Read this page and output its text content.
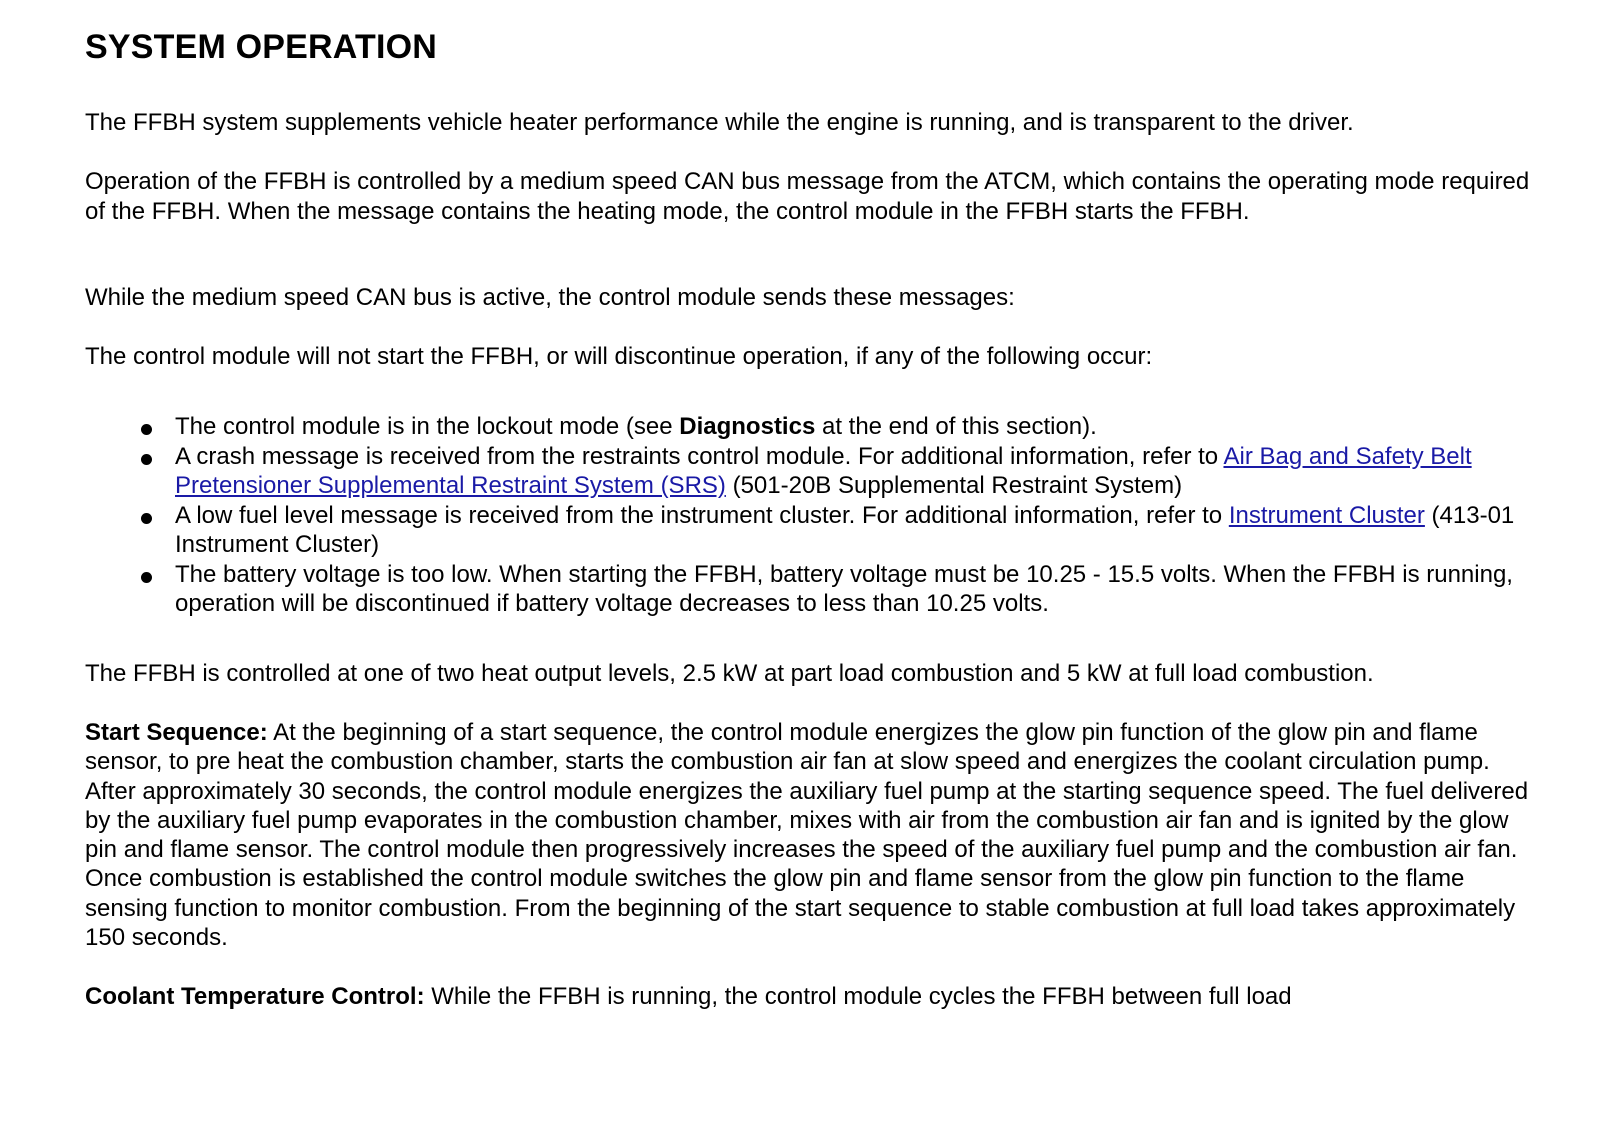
SYSTEM OPERATION

The FFBH system supplements vehicle heater performance while the engine is running, and is transparent to the driver.

Operation of the FFBH is controlled by a medium speed CAN bus message from the ATCM, which contains the operating mode required of the FFBH. When the message contains the heating mode, the control module in the FFBH starts the FFBH.

While the medium speed CAN bus is active, the control module sends these messages:

The control module will not start the FFBH, or will discontinue operation, if any of the following occur:

The control module is in the lockout mode (see Diagnostics at the end of this section).
A crash message is received from the restraints control module. For additional information, refer to Air Bag and Safety Belt Pretensioner Supplemental Restraint System (SRS) (501-20B Supplemental Restraint System)
A low fuel level message is received from the instrument cluster. For additional information, refer to Instrument Cluster (413-01 Instrument Cluster)
The battery voltage is too low. When starting the FFBH, battery voltage must be 10.25 - 15.5 volts. When the FFBH is running, operation will be discontinued if battery voltage decreases to less than 10.25 volts.

The FFBH is controlled at one of two heat output levels, 2.5 kW at part load combustion and 5 kW at full load combustion.

Start Sequence: At the beginning of a start sequence, the control module energizes the glow pin function of the glow pin and flame sensor, to pre heat the combustion chamber, starts the combustion air fan at slow speed and energizes the coolant circulation pump. After approximately 30 seconds, the control module energizes the auxiliary fuel pump at the starting sequence speed. The fuel delivered by the auxiliary fuel pump evaporates in the combustion chamber, mixes with air from the combustion air fan and is ignited by the glow pin and flame sensor. The control module then progressively increases the speed of the auxiliary fuel pump and the combustion air fan. Once combustion is established the control module switches the glow pin and flame sensor from the glow pin function to the flame sensing function to monitor combustion. From the beginning of the start sequence to stable combustion at full load takes approximately 150 seconds.

Coolant Temperature Control: While the FFBH is running, the control module cycles the FFBH between full load
